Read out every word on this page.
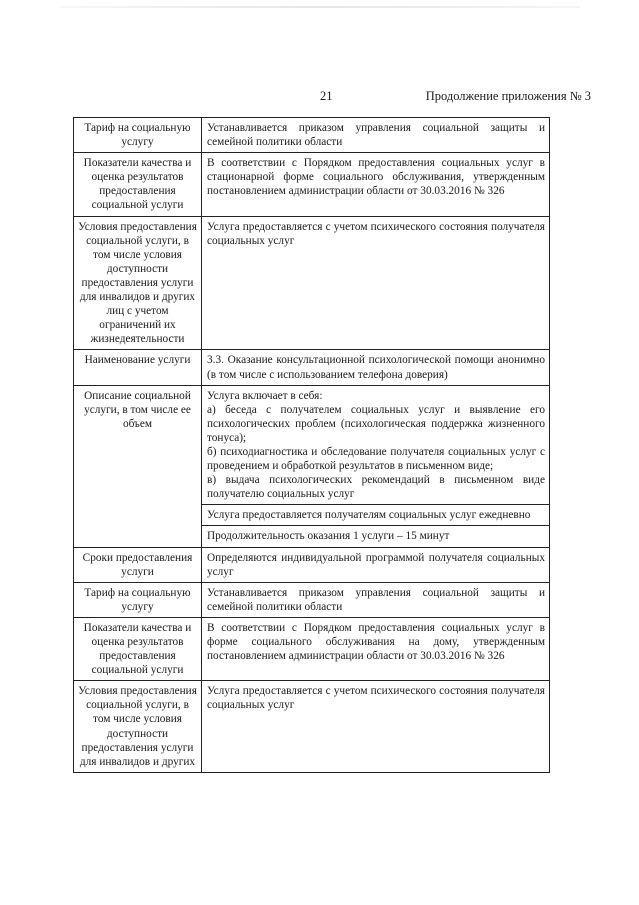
21	Продолжение приложения № 3
Тариф на социальную услугу	Устанавливается приказом управления социальной защиты и семейной политики области
Показатели качества и оценка результатов предоставления социальной услуги	В соответствии с Порядком предоставления социальных услуг в стационарной форме социального обслуживания, утвержденным постановлением администрации области от 30.03.2016 № 326
Условия предоставления социальной услуги, в том числе условия доступности предоставления услуги для инвалидов и других лиц с учетом ограничений их жизнедеятельности	Услуга предоставляется с учетом психического состояния получателя социальных услуг
Наименование услуги	3.3. Оказание консультационной психологической помощи анонимно (в том числе с использованием телефона доверия)
Описание социальной услуги, в том числе ее объем	Услуга включает в себя:
а) беседа с получателем социальных услуг и выявление его психологических проблем (психологическая поддержка жизненного тонуса);
б) психодиагностика и обследование получателя социальных услуг с проведением и обработкой результатов в письменном виде;
в) выдача психологических рекомендаций в письменном виде получателю социальных услуг

	Услуга предоставляется получателям социальных услуг ежедневно
	Продолжительность оказания 1 услуги – 15 минут
Сроки предоставления услуги	Определяются индивидуальной программой получателя социальных услуг
Тариф на социальную услугу	Устанавливается приказом управления социальной защиты и семейной политики области
Показатели качества и оценка результатов предоставления социальной услуги	В соответствии с Порядком предоставления социальных услуг в форме социального обслуживания на дому, утвержденным постановлением администрации области от 30.03.2016 № 326
Условия предоставления социальной услуги, в том числе условия доступности предоставления услуги для инвалидов и других	Услуга предоставляется с учетом психического состояния получателя социальных услуг
